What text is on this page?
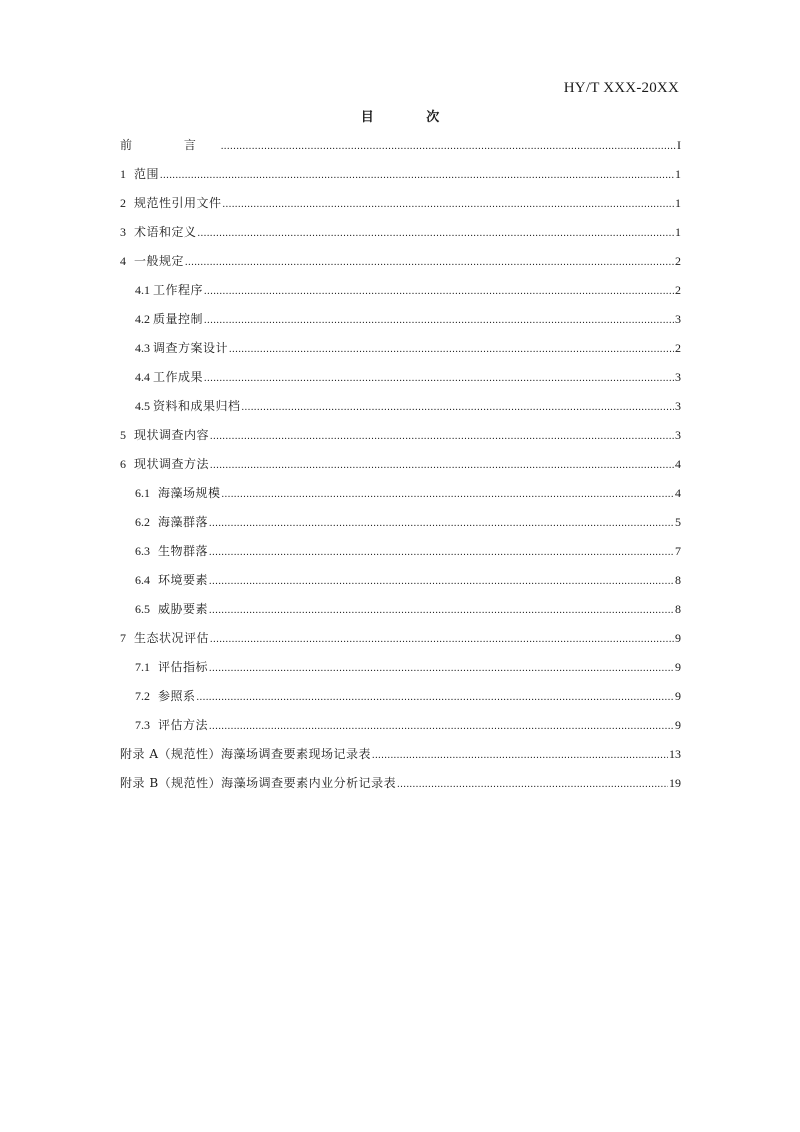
HY/T XXX-20XX
目 次
前 言 .....	I
1 范围 .....	1
2 规范性引用文件 .....	1
3 术语和定义 .....	1
4 一般规定 .....	2
4.1 工作程序 .....	2
4.2 质量控制 .....	3
4.3 调查方案设计 .....	2
4.4 工作成果 .....	3
4.5 资料和成果归档 .....	3
5 现状调查内容 .....	3
6 现状调查方法 .....	4
6.1 海藻场规模 .....	4
6.2 海藻群落 .....	5
6.3 生物群落 .....	7
6.4 环境要素 .....	8
6.5 威胁要素 .....	8
7 生态状况评估 .....	9
7.1 评估指标 .....	9
7.2 参照系 .....	9
7.3 评估方法 .....	9
附录 A（规范性）海藻场调查要素现场记录表 .....	13
附录 B（规范性）海藻场调查要素内业分析记录表 .....	19
